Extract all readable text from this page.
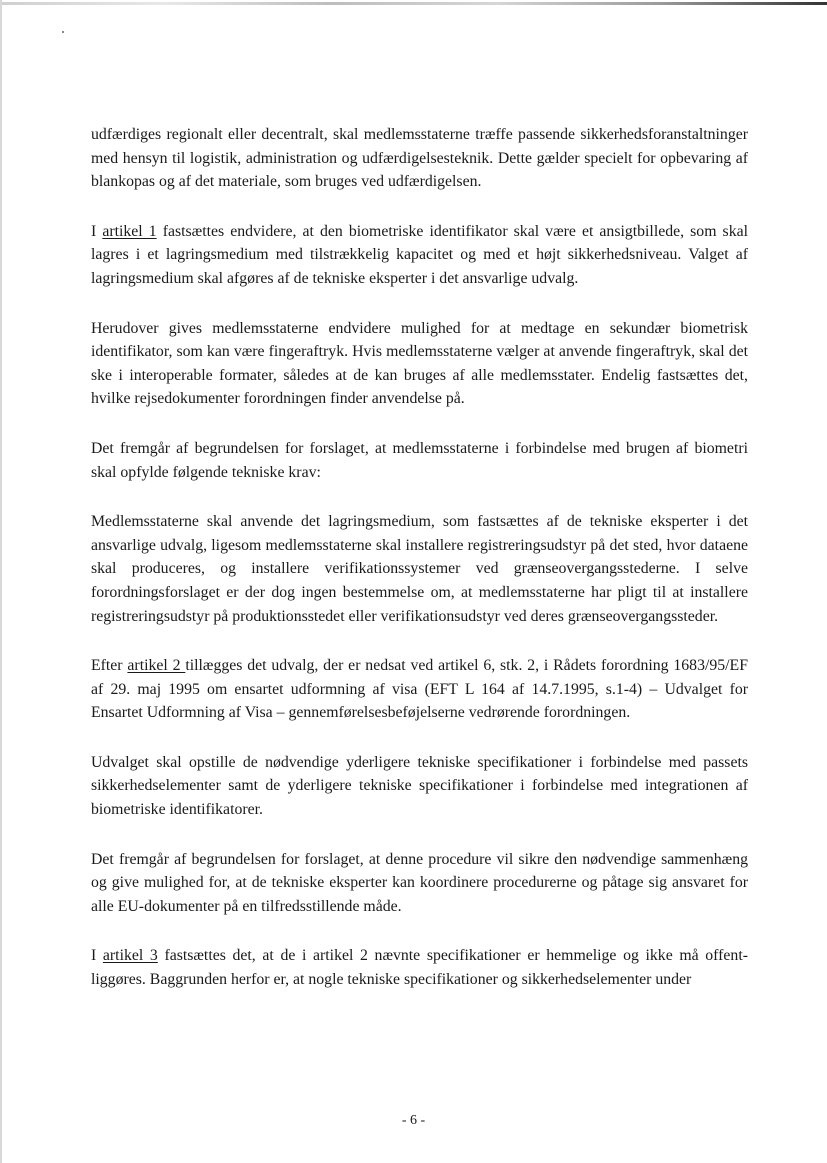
udfærdiges regionalt eller decentralt, skal medlemsstaterne træffe passende sikkerhedsforanstaltninger med hensyn til logistik, administration og udfærdigelsesteknik. Dette gælder specielt for opbevaring af blankopas og af det materiale, som bruges ved udfærdigelsen.

I artikel 1 fastsættes endvidere, at den biometriske identifikator skal være et ansigtbillede, som skal lagres i et lagringsmedium med tilstrækkelig kapacitet og med et højt sikkerhedsniveau. Valget af lagringsmedium skal afgøres af de tekniske eksperter i det ansvarlige udvalg.

Herudover gives medlemsstaterne endvidere mulighed for at medtage en sekundær biometrisk identifikator, som kan være fingeraftryk. Hvis medlemsstaterne vælger at anvende fingeraftryk, skal det ske i interoperable formater, således at de kan bruges af alle medlemsstater. Endelig fastsættes det, hvilke rejsedokumenter forordningen finder anvendelse på.

Det fremgår af begrundelsen for forslaget, at medlemsstaterne i forbindelse med brugen af biometri skal opfylde følgende tekniske krav:

Medlemsstaterne skal anvende det lagringsmedium, som fastsættes af de tekniske eksperter i det ansvarlige udvalg, ligesom medlemsstaterne skal installere registreringsudstyr på det sted, hvor dataene skal produceres, og installere verifikationssystemer ved grænseovergangsstederne. I selve forordningsforslaget er der dog ingen bestemmelse om, at medlemsstaterne har pligt til at installere registreringsudstyr på produktionsstedet eller verifikationsudstyr ved deres grænseovergangssteder.

Efter artikel 2 tillægges det udvalg, der er nedsat ved artikel 6, stk. 2, i Rådets forordning 1683/95/EF af 29. maj 1995 om ensartet udformning af visa (EFT L 164 af 14.7.1995, s.1-4) – Udvalget for Ensartet Udformning af Visa – gennemførelsesbeføjelserne vedrørende forordningen.

Udvalget skal opstille de nødvendige yderligere tekniske specifikationer i forbindelse med passets sikkerhedselementer samt de yderligere tekniske specifikationer i forbindelse med integrationen af biometriske identifikatorer.

Det fremgår af begrundelsen for forslaget, at denne procedure vil sikre den nødvendige sammenhæng og give mulighed for, at de tekniske eksperter kan koordinere procedurerne og påtage sig ansvaret for alle EU-dokumenter på en tilfredsstillende måde.

I artikel 3 fastsættes det, at de i artikel 2 nævnte specifikationer er hemmelige og ikke må offentliggøres. Baggrunden herfor er, at nogle tekniske specifikationer og sikkerhedselementer under

- 6 -
